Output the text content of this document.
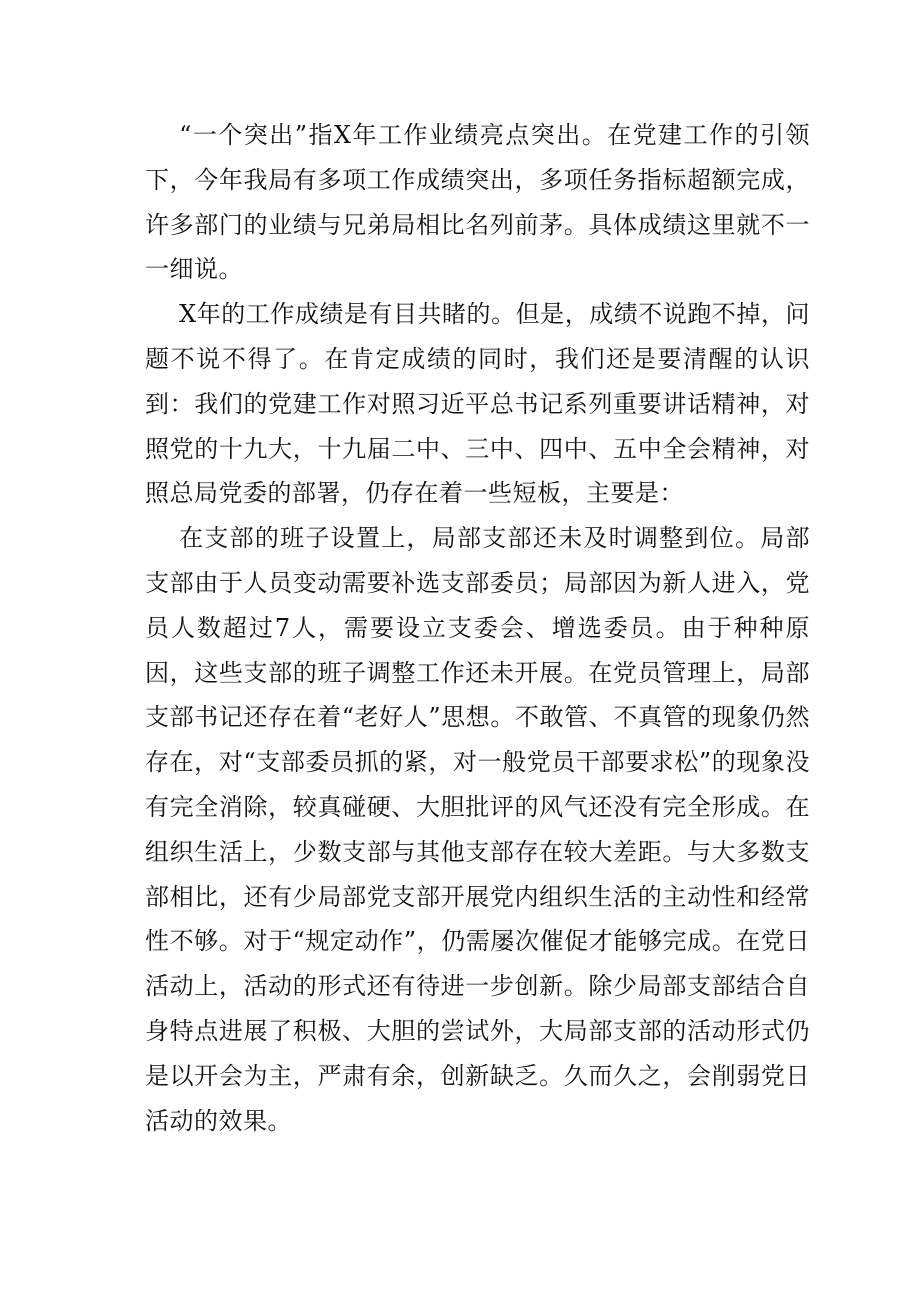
“一个突出”指X年工作业绩亮点突出。在党建工作的引领下，今年我局有多项工作成绩突出，多项任务指标超额完成，许多部门的业绩与兄弟局相比名列前茅。具体成绩这里就不一一细说。

X年的工作成绩是有目共睹的。但是，成绩不说跑不掉，问题不说不得了。在肯定成绩的同时，我们还是要清醒的认识到：我们的党建工作对照习近平总书记系列重要讲话精神，对照党的十九大，十九届二中、三中、四中、五中全会精神，对照总局党委的部署，仍存在着一些短板，主要是：

在支部的班子设置上，局部支部还未及时调整到位。局部支部由于人员变动需要补选支部委员；局部因为新人进入，党员人数超过7人，需要设立支委会、增选委员。由于种种原因，这些支部的班子调整工作还未开展。在党员管理上，局部支部书记还存在着“老好人”思想。不敢管、不真管的现象仍然存在，对“支部委员抓的紧，对一般党员干部要求松”的现象没有完全消除，较真碰硬、大胆批评的风气还没有完全形成。在组织生活上，少数支部与其他支部存在较大差距。与大多数支部相比，还有少局部党支部开展党内组织生活的主动性和经常性不够。对于“规定动作”，仍需屡次催促才能够完成。在党日活动上，活动的形式还有待进一步创新。除少局部支部结合自身特点进展了积极、大胆的尝试外，大局部支部的活动形式仍是以开会为主，严肃有余，创新缺乏。久而久之，会削弱党日活动的效果。
